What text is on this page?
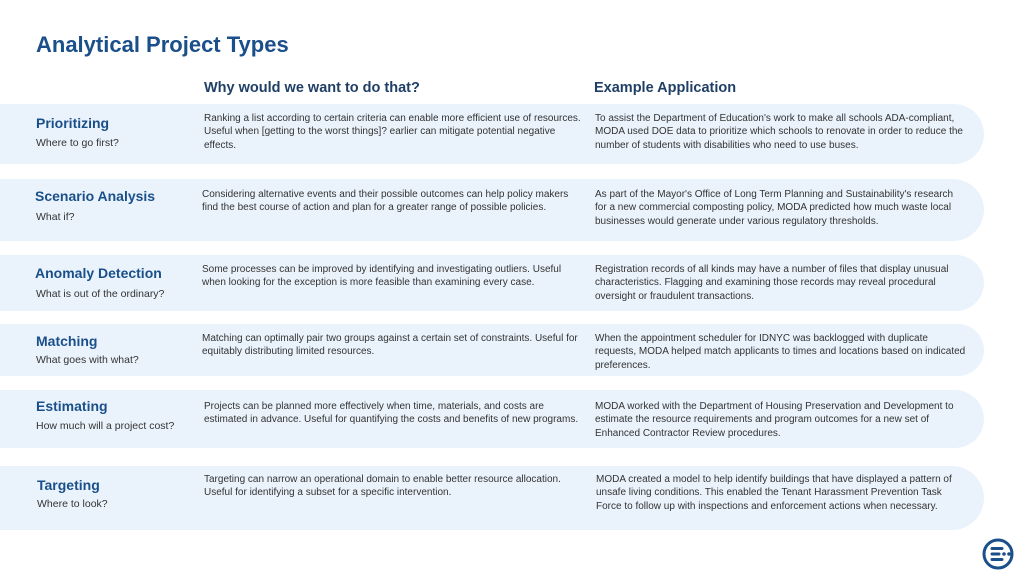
Analytical Project Types
Why would we want to do that?	Example Application
Prioritizing
Where to go first?
Ranking a list according to certain criteria can enable more efficient use of resources. Useful when [getting to the worst things]? earlier can mitigate potential negative effects.
To assist the Department of Education's work to make all schools ADA-compliant, MODA used DOE data to prioritize which schools to renovate in order to reduce the number of students with disabilities who need to use buses.
Scenario Analysis
What if?
Considering alternative events and their possible outcomes can help policy makers find the best course of action and plan for a greater range of possible policies.
As part of the Mayor's Office of Long Term Planning and Sustainability's research for a new commercial composting policy, MODA predicted how much waste local businesses would generate under various regulatory thresholds.
Anomaly Detection
What is out of the ordinary?
Some processes can be improved by identifying and investigating outliers. Useful when looking for the exception is more feasible than examining every case.
Registration records of all kinds may have a number of files that display unusual characteristics. Flagging and examining those records may reveal procedural oversight or fraudulent transactions.
Matching
What goes with what?
Matching can optimally pair two groups against a certain set of constraints. Useful for equitably distributing limited resources.
When the appointment scheduler for IDNYC was backlogged with duplicate requests, MODA helped match applicants to times and locations based on indicated preferences.
Estimating
How much will a project cost?
Projects can be planned more effectively when time, materials, and costs are estimated in advance. Useful for quantifying the costs and benefits of new programs.
MODA worked with the Department of Housing Preservation and Development to estimate the resource requirements and program outcomes for a new set of Enhanced Contractor Review procedures.
Targeting
Where to look?
Targeting can narrow an operational domain to enable better resource allocation. Useful for identifying a subset for a specific intervention.
MODA created a model to help identify buildings that have displayed a pattern of unsafe living conditions. This enabled the Tenant Harassment Prevention Task Force to follow up with inspections and enforcement actions when necessary.
